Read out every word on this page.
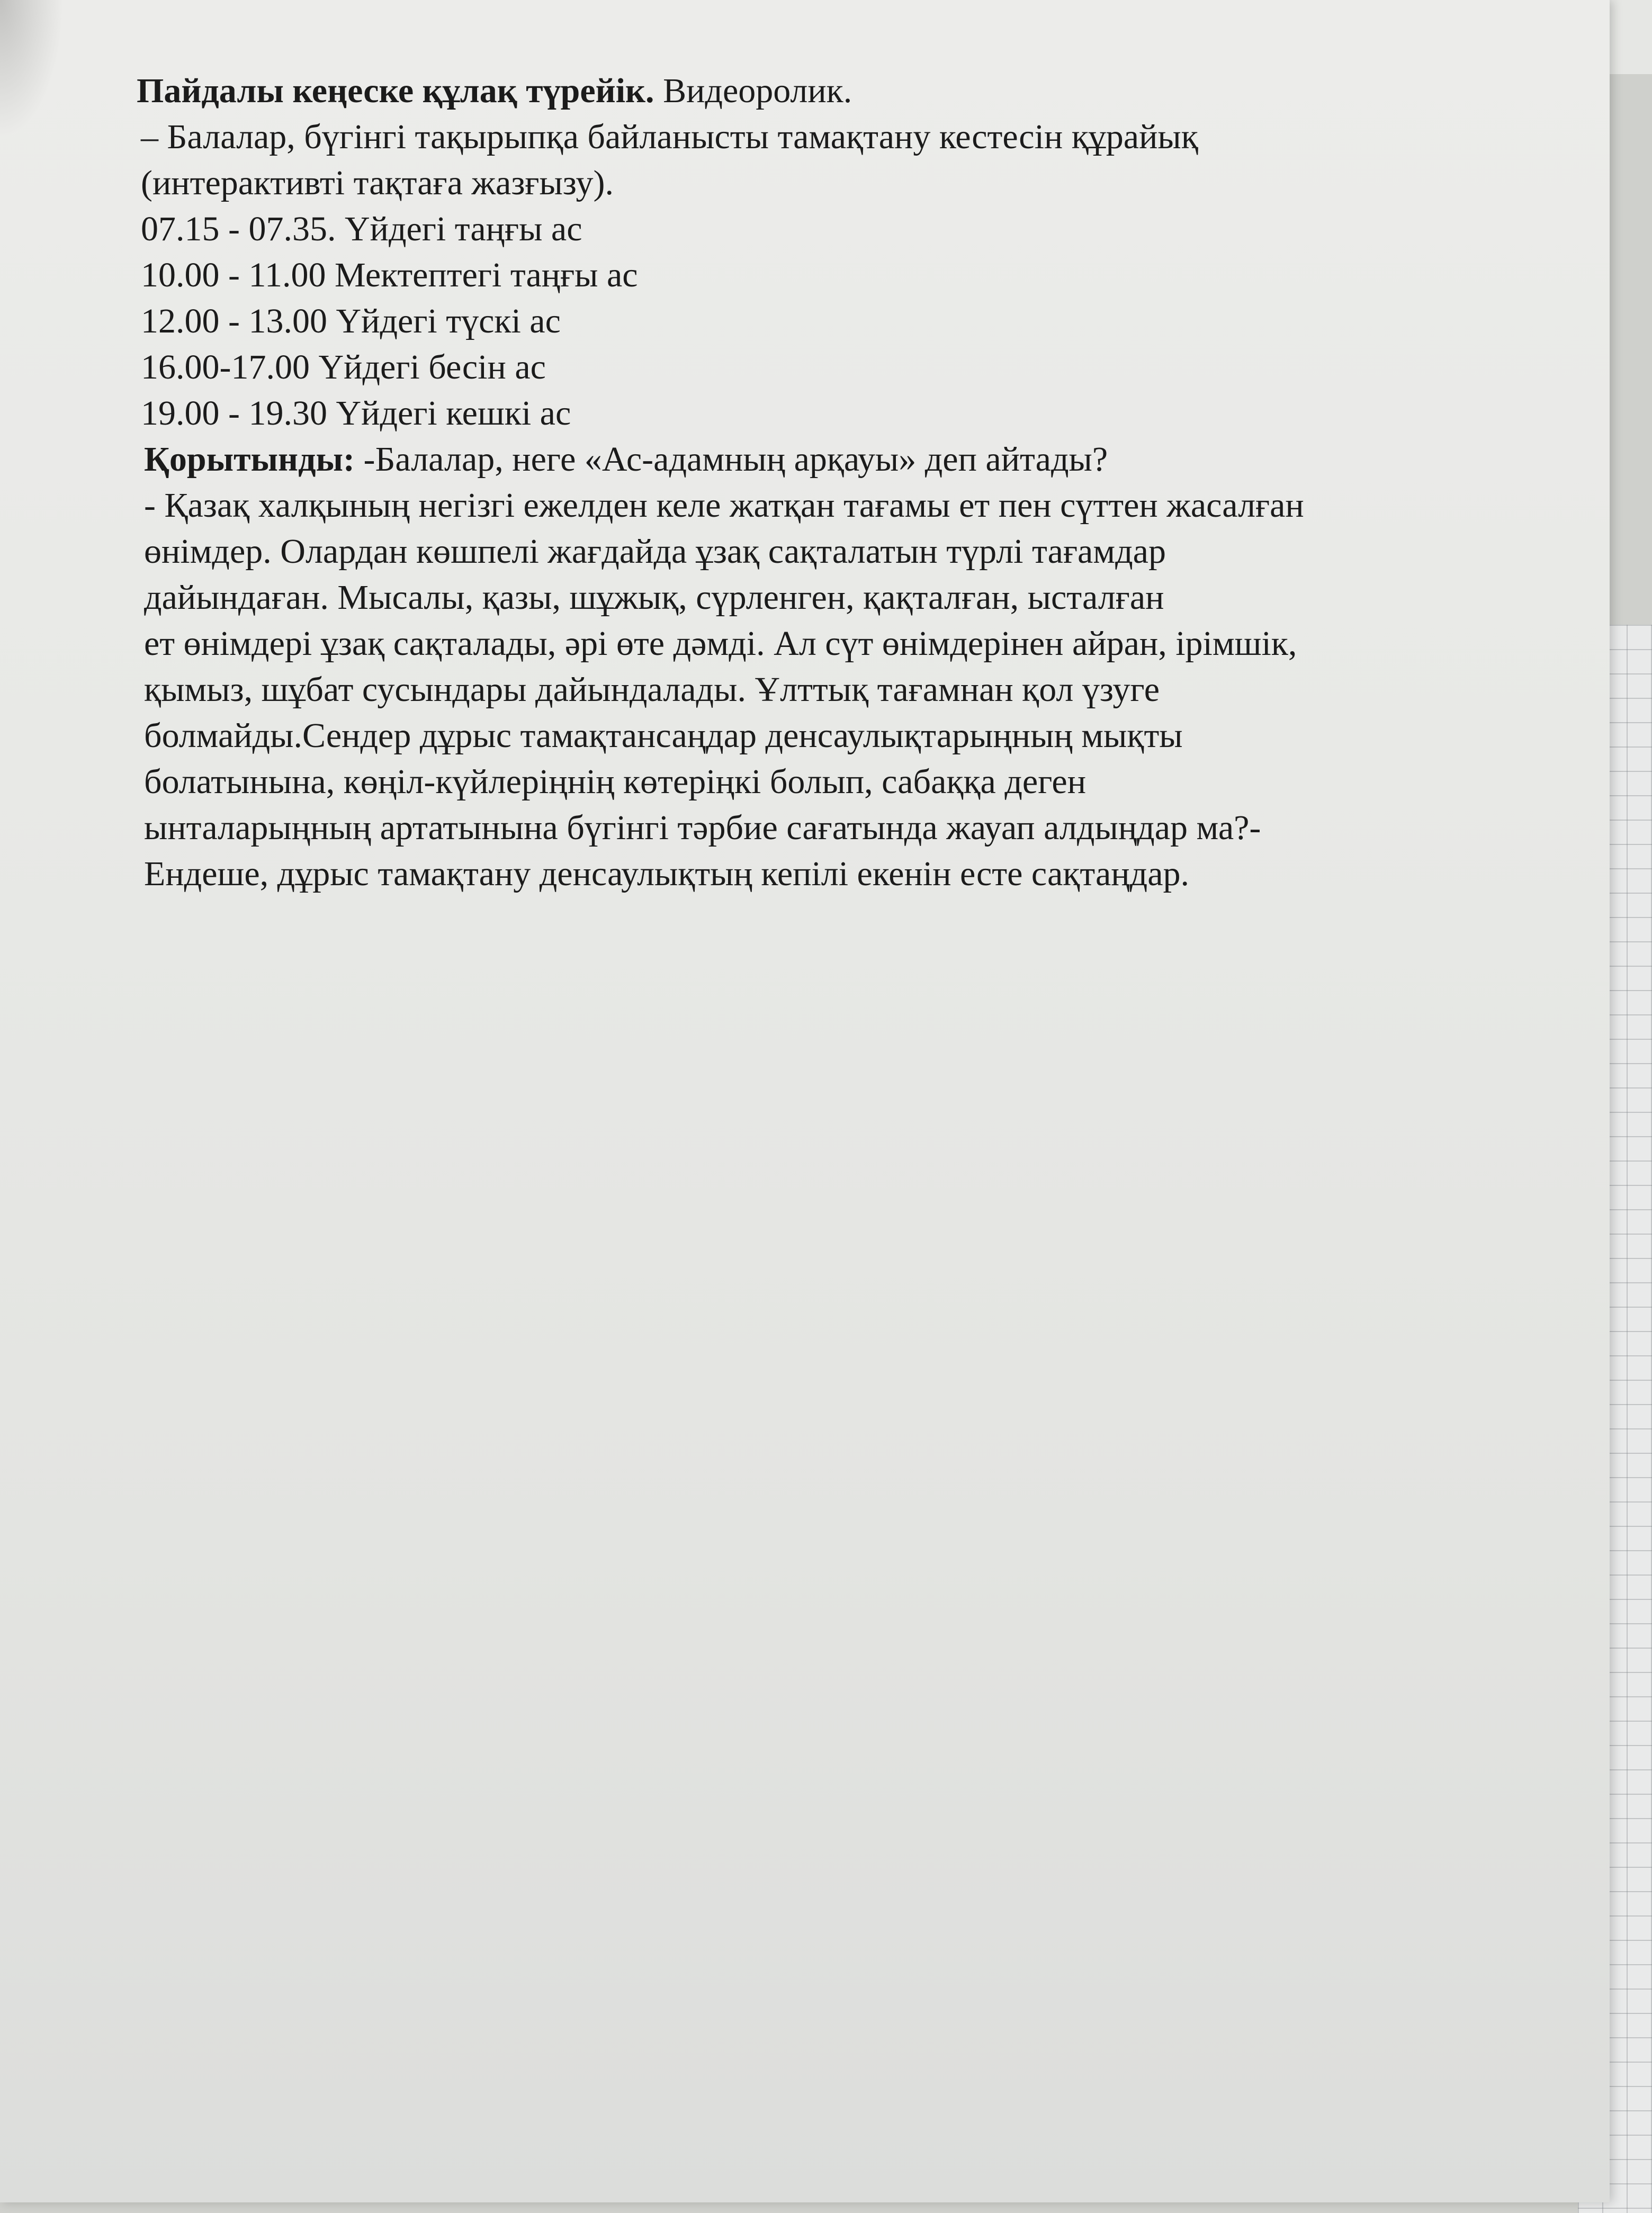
Пайдалы кеңеске құлақ түрейік. Видеоролик.
– Балалар, бүгінгі тақырыпқа байланысты тамақтану кестесін құрайық
(интерактивті тақтаға жазғызу).
07.15 - 07.35. Үйдегі таңғы ас
10.00 - 11.00 Мектептегі таңғы ас
12.00 - 13.00 Үйдегі түскі ас
16.00-17.00 Үйдегі бесін ас
19.00 - 19.30 Үйдегі кешкі ас
Қорытынды: -Балалар, неге «Ас-адамның арқауы» деп айтады?
- Қазақ халқының негізгі ежелден келе жатқан тағамы ет пен сүттен жасалған
өнімдер. Олардан көшпелі жағдайда ұзақ сақталатын түрлі тағамдар
дайындаған. Мысалы, қазы, шұжық, сүрленген, қақталған, ысталған
ет өнімдері ұзақ сақталады, әрі өте дәмді. Ал сүт өнімдерінен айран, ірімшік,
қымыз, шұбат сусындары дайындалады. Ұлттық тағамнан қол үзуге
болмайды.Сендер дұрыс тамақтансаңдар денсаулықтарыңның мықты
болатынына, көңіл-күйлеріңнің көтеріңкі болып, сабаққа деген
ынталарыңның артатынына бүгінгі тәрбие сағатында жауап алдыңдар ма?-
Ендеше, дұрыс тамақтану денсаулықтың кепілі екенін есте сақтаңдар.
